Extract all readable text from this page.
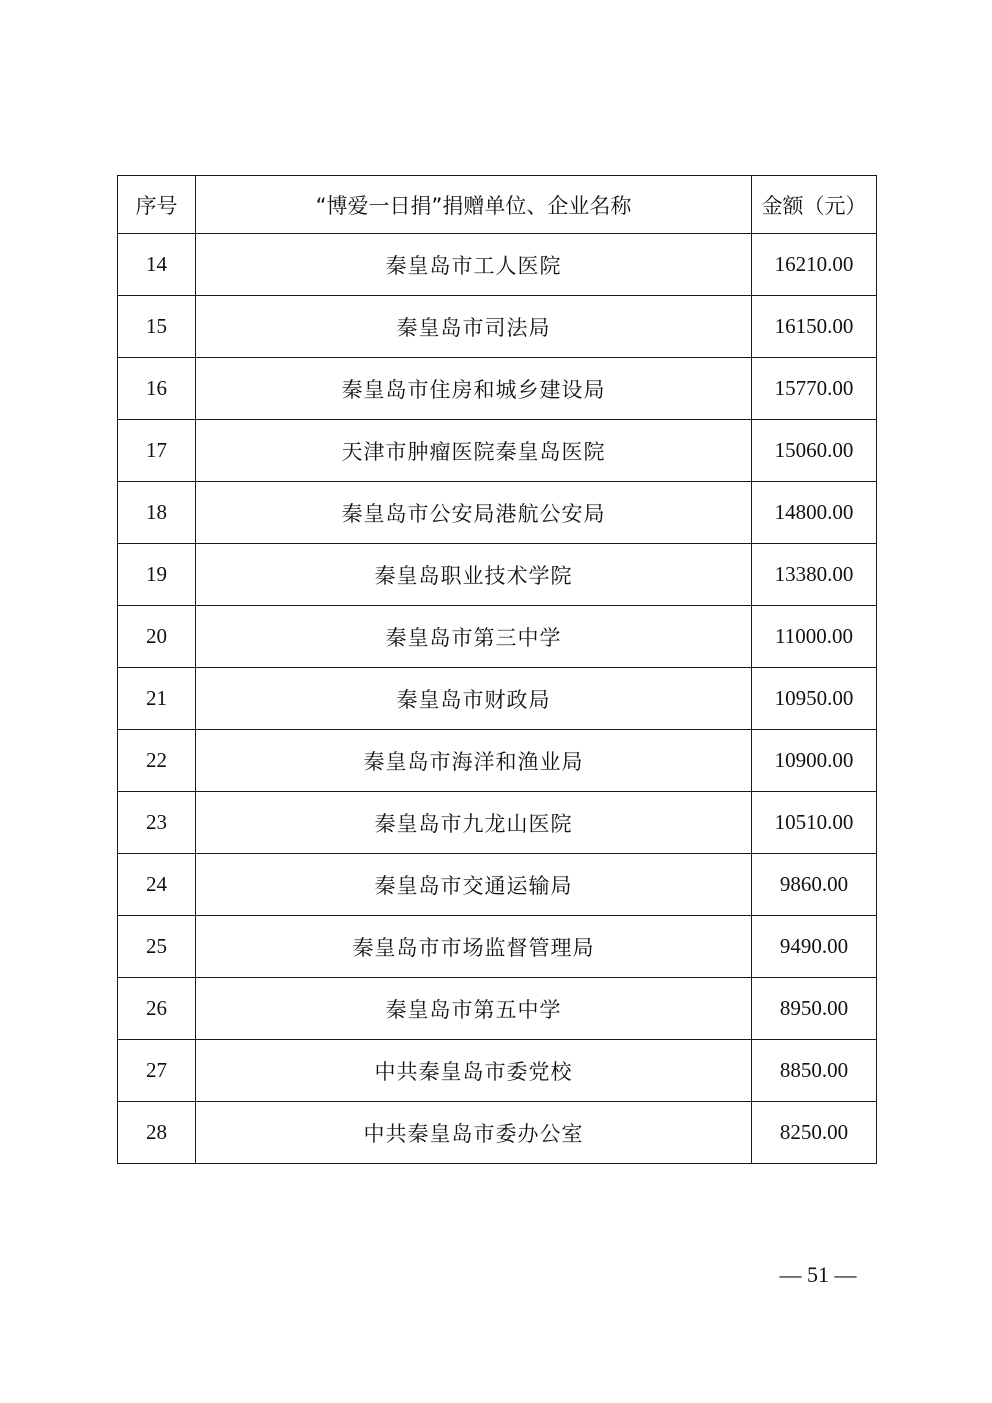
序号	“博爱一日捐”捐赠单位、企业名称	金额（元）
14	秦皇岛市工人医院	16210.00
15	秦皇岛市司法局	16150.00
16	秦皇岛市住房和城乡建设局	15770.00
17	天津市肿瘤医院秦皇岛医院	15060.00
18	秦皇岛市公安局港航公安局	14800.00
19	秦皇岛职业技术学院	13380.00
20	秦皇岛市第三中学	11000.00
21	秦皇岛市财政局	10950.00
22	秦皇岛市海洋和渔业局	10900.00
23	秦皇岛市九龙山医院	10510.00
24	秦皇岛市交通运输局	9860.00
25	秦皇岛市市场监督管理局	9490.00
26	秦皇岛市第五中学	8950.00
27	中共秦皇岛市委党校	8850.00
28	中共秦皇岛市委办公室	8250.00
— 51 —
